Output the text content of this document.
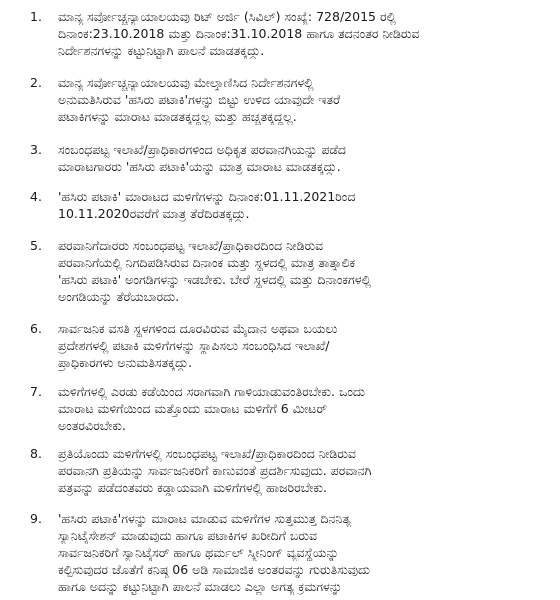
1. ಮಾನ್ಯ ಸರ್ವೋಚ್ಚನ್ಯಾಯಾಲಯವು ರಿಟ್ ಅರ್ಜಿ (ಸಿವಿಲ್) ಸಂಖ್ಯೆ: 728/2015 ರಲ್ಲಿ
ದಿನಾಂಕ:23.10.2018 ಮತ್ತು ದಿನಾಂಕ:31.10.2018 ಹಾಗೂ ತದನಂತರ ನೀಡಿರುವ
ನಿರ್ದೇಶನಗಳನ್ನು ಕಟ್ಟುನಿಟ್ಟಾಗಿ ಪಾಲನೆ ಮಾಡತಕ್ಕದ್ದು.
2. ಮಾನ್ಯ ಸರ್ವೋಚ್ಚನ್ಯಾಯಾಲಯವು ಮೇಲ್ಕಾಣಿಸಿದ ನಿರ್ದೇಶನಗಳಲ್ಲಿ
ಅನುಮತಿಸಿರುವ 'ಹಸಿರು ಪಟಾಕಿ'ಗಳನ್ನು ಬಿಟ್ಟು ಉಳಿದ ಯಾವುದೇ ಇತರೆ
ಪಟಾಕಿಗಳನ್ನು ಮಾರಾಟ ಮಾಡತಕ್ಕದ್ದಲ್ಲ ಮತ್ತು ಹಚ್ಚತಕ್ಕದ್ದಲ್ಲ.
3. ಸಂಬಂಧಪಟ್ಟ ಇಲಾಖೆ/ಪ್ರಾಧಿಕಾರಗಳಿಂದ ಅಧಿಕೃತ ಪರವಾನಗಿಯನ್ನು ಪಡೆದ
ಮಾರಾಟಗಾರರು 'ಹಸಿರು ಪಟಾಕಿ'ಯನ್ನು ಮಾತ್ರ ಮಾರಾಟ ಮಾಡತಕ್ಕದ್ದು.
4. 'ಹಸಿರು ಪಟಾಕಿ' ಮಾರಾಟದ ಮಳಿಗೆಗಳನ್ನು ದಿನಾಂಕ:01.11.2021ರಿಂದ
10.11.2020ರವರೆಗೆ ಮಾತ್ರ ತೆರೆದಿರತಕ್ಕದ್ದು.
5. ಪರವಾನಿಗೆದಾರರು ಸಂಬಂಧಪಟ್ಟ ಇಲಾಖೆ/ಪ್ರಾಧಿಕಾರದಿಂದ ನೀಡಿರುವ
ಪರವಾನಿಗೆಯಲ್ಲಿ ನಿಗದಿಪಡಿಸಿರುವ ದಿನಾಂಕ ಮತ್ತು ಸ್ಥಳದಲ್ಲಿ ಮಾತ್ರ ತಾತ್ಕಾಲಿಕ
'ಹಸಿರು ಪಟಾಕಿ' ಅಂಗಡಿಗಳನ್ನು ಇಡಬೇಕು. ಬೇರೆ ಸ್ಥಳದಲ್ಲಿ ಮತ್ತು ದಿನಾಂಕಗಳಲ್ಲಿ
ಅಂಗಡಿಯನ್ನು ತೆರೆಯಬಾರದು.
6. ಸಾರ್ವಜನಿಕ ವಸತಿ ಸ್ಥಳಗಳಿಂದ ದೂರವಿರುವ ಮೈದಾನ ಅಥವಾ ಬಯಲು
ಪ್ರದೇಶಗಳಲ್ಲಿ ಪಟಾಕಿ ಮಳಿಗೆಗಳನ್ನು ಸ್ಥಾಪಿಸಲು ಸಂಬಂಧಿಸಿದ ಇಲಾಖೆ/
ಪ್ರಾಧಿಕಾರಗಳು ಅನುಮತಿಸತಕ್ಕದ್ದು.
7. ಮಳಿಗೆಗಳಲ್ಲಿ ಎರಡು ಕಡೆಯಿಂದ ಸರಾಗವಾಗಿ ಗಾಳಿಯಾಡುವಂತಿರಬೇಕು. ಒಂದು
ಮಾರಾಟ ಮಳಿಗೆಯಿಂದ ಮತ್ತೊಂದು ಮಾರಾಟ ಮಳಿಗೆಗೆ 6 ಮೀಟರ್
ಅಂತರವಿರಬೇಕು.
8. ಪ್ರತಿಯೊಂದು ಮಳಿಗೆಗಳಲ್ಲಿ ಸಂಬಂಧಪಟ್ಟ ಇಲಾಖೆ/ಪ್ರಾಧಿಕಾರದಿಂದ ನೀಡಿರುವ
ಪರವಾನಗಿ ಪ್ರತಿಯನ್ನು ಸಾರ್ವಜನಿಕರಿಗೆ ಕಾಣುವಂತೆ ಪ್ರದರ್ಶಿಸುವುದು. ಪರವಾನಗಿ
ಪತ್ರವನ್ನು ಪಡೆದಂತವರು ಕಡ್ಡಾಯವಾಗಿ ಮಳಿಗೆಗಳಲ್ಲಿ ಹಾಜರಿರಬೇಕು.
9. 'ಹಸಿರು ಪಟಾಕಿ'ಗಳನ್ನು ಮಾರಾಟ ಮಾಡುವ ಮಳಿಗೆಗಳ ಸುತ್ತಮುತ್ತ ದಿನನಿತ್ಯ
ಸ್ಯಾನಿಟೈಸೇಶನ್ ಮಾಡುವುದು ಹಾಗೂ ಪಟಾಕಿಗಳ ಖರೀದಿಗೆ ಬರುವ
ಸಾರ್ವಜನಿಕರಿಗೆ ಸ್ಯಾನಿಟೈಸರ್ ಹಾಗೂ ಥರ್ಮಲ್ ಸ್ಕ್ರೀನಿಂಗ್ ವ್ಯವಸ್ಥೆಯನ್ನು
ಕಲ್ಪಿಸುವುದರ ಜೊತೆಗೆ ಕನಿಷ್ಠ 06 ಅಡಿ ಸಾಮಾಜಿಕ ಅಂತರವನ್ನು ಗುರುತಿಸುವುದು
ಹಾಗೂ ಅದನ್ನು ಕಟ್ಟುನಿಟ್ಟಾಗಿ ಪಾಲನೆ ಮಾಡಲು ಎಲ್ಲಾ ಅಗತ್ಯ ಕ್ರಮಗಳನ್ನು
